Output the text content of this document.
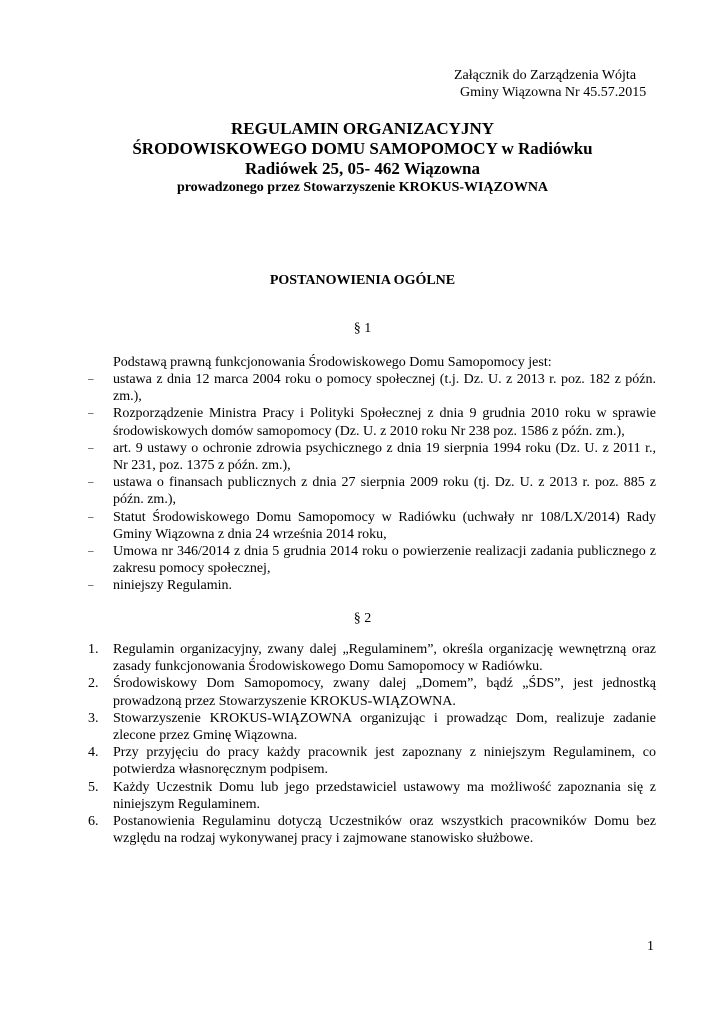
Załącznik do Zarządzenia Wójta
Gminy Wiązowna Nr 45.57.2015
REGULAMIN ORGANIZACYJNY
ŚRODOWISKOWEGO DOMU SAMOPOMOCY w Radiówku
Radiówek 25, 05- 462 Wiązowna
prowadzonego przez Stowarzyszenie KROKUS-WIĄZOWNA
POSTANOWIENIA OGÓLNE
§ 1
Podstawą prawną funkcjonowania Środowiskowego Domu Samopomocy jest:
– ustawa z dnia 12 marca 2004 roku o pomocy społecznej (t.j. Dz. U. z 2013 r. poz. 182 z późn. zm.),
– Rozporządzenie Ministra Pracy i Polityki Społecznej z dnia 9 grudnia 2010 roku w sprawie środowiskowych domów samopomocy (Dz. U. z 2010 roku Nr 238 poz. 1586 z późn. zm.),
– art. 9 ustawy o ochronie zdrowia psychicznego z dnia 19 sierpnia 1994 roku (Dz. U. z 2011 r., Nr 231, poz. 1375 z późn. zm.),
– ustawa o finansach publicznych z dnia 27 sierpnia 2009 roku (tj. Dz. U. z 2013 r. poz. 885 z późn. zm.),
– Statut Środowiskowego Domu Samopomocy w Radiówku (uchwały nr 108/LX/2014) Rady Gminy Wiązowna z dnia 24 września 2014 roku,
– Umowa nr 346/2014 z dnia 5 grudnia 2014 roku o powierzenie realizacji zadania publicznego z zakresu pomocy społecznej,
– niniejszy Regulamin.
§ 2
1. Regulamin organizacyjny, zwany dalej „Regulaminem”, określa organizację wewnętrzną oraz zasady funkcjonowania Środowiskowego Domu Samopomocy w Radiówku.
2. Środowiskowy Dom Samopomocy, zwany dalej „Domem”, bądź „ŚDS”, jest jednostką prowadzoną przez Stowarzyszenie KROKUS-WIĄZOWNA.
3. Stowarzyszenie KROKUS-WIĄZOWNA organizując i prowadząc Dom, realizuje zadanie zlecone przez Gminę Wiązowna.
4. Przy przyjęciu do pracy każdy pracownik jest zapoznany z niniejszym Regulaminem, co potwierdza własnoręcznym podpisem.
5. Każdy Uczestnik Domu lub jego przedstawiciel ustawowy ma możliwość zapoznania się z niniejszym Regulaminem.
6. Postanowienia Regulaminu dotyczą Uczestników oraz wszystkich pracowników Domu bez względu na rodzaj wykonywanej pracy i zajmowane stanowisko służbowe.
1
